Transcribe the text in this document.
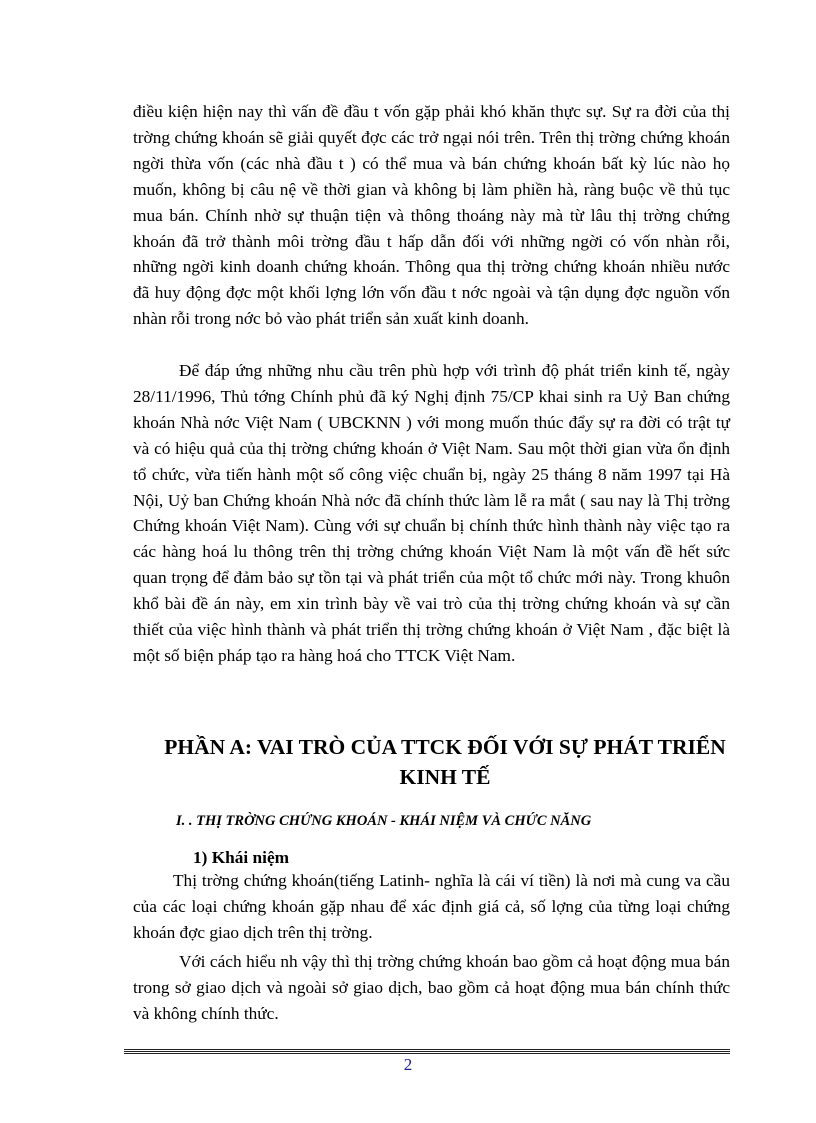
điều kiện hiện nay thì vấn đề đầu t vốn gặp phải khó khăn thực sự. Sự ra đời của thị trờng chứng khoán sẽ giải quyết đợc các trở ngại nói trên. Trên thị trờng chứng khoán ngời thừa vốn (các nhà đầu t ) có thể mua và bán chứng khoán bất kỳ lúc nào họ muốn, không bị câu nệ về thời gian và không bị làm phiền hà, ràng buộc về thủ tục mua bán. Chính nhờ sự thuận tiện và thông thoáng này mà từ lâu thị trờng chứng khoán đã trở thành môi trờng đầu t hấp dẫn đối với những ngời có vốn nhàn rỗi, những ngời kinh doanh chứng khoán. Thông qua thị trờng chứng khoán nhiều nước đã huy động đợc một khối lợng lớn vốn đầu t nớc ngoài và tận dụng đợc nguồn vốn nhàn rỗi trong nớc bỏ vào phát triển sản xuất kinh doanh.

Để đáp ứng những nhu cầu trên phù hợp với trình độ phát triển kinh tế, ngày 28/11/1996, Thủ tớng Chính phủ đã ký Nghị định 75/CP khai sinh ra Uỷ Ban chứng khoán Nhà nớc Việt Nam ( UBCKNN ) với mong muốn thúc đẩy sự ra đời có trật tự và có hiệu quả của thị trờng chứng khoán ở Việt Nam. Sau một thời gian vừa ổn định tổ chức, vừa tiến hành một số công việc chuẩn bị, ngày 25 tháng 8 năm 1997 tại Hà Nội, Uỷ ban Chứng khoán Nhà nớc đã chính thức làm lễ ra mắt ( sau nay là Thị trờng Chứng khoán Việt Nam). Cùng với sự chuẩn bị chính thức hình thành này việc tạo ra các hàng hoá lu thông trên thị trờng chứng khoán Việt Nam là một vấn đề hết sức quan trọng để đảm bảo sự tồn tại và phát triển của một tổ chức mới này. Trong khuôn khổ bài đề án này, em xin trình bày về vai trò của thị trờng chứng khoán và sự cần thiết của việc hình thành và phát triển thị trờng chứng khoán ở Việt Nam , đặc biệt là một số biện pháp tạo ra hàng hoá cho TTCK Việt Nam.

PHẦN A: VAI TRÒ CỦA TTCK ĐỐI VỚI SỰ PHÁT TRIỂN KINH TẾ
I. . THỊ TRỜNG CHỨNG KHOÁN - KHÁI NIỆM VÀ CHỨC NĂNG
1) Khái niệm

Thị trờng chứng khoán(tiếng Latinh- nghĩa là cái ví tiền) là nơi mà cung va cầu của các loại chứng khoán gặp nhau để xác định giá cả, số lợng của từng loại chứng khoán đợc giao dịch trên thị trờng.

Với cách hiểu nh vậy thì thị trờng chứng khoán bao gồm cả hoạt động mua bán trong sở giao dịch và ngoài sở giao dịch, bao gồm cả hoạt động mua bán chính thức và không chính thức.

2
